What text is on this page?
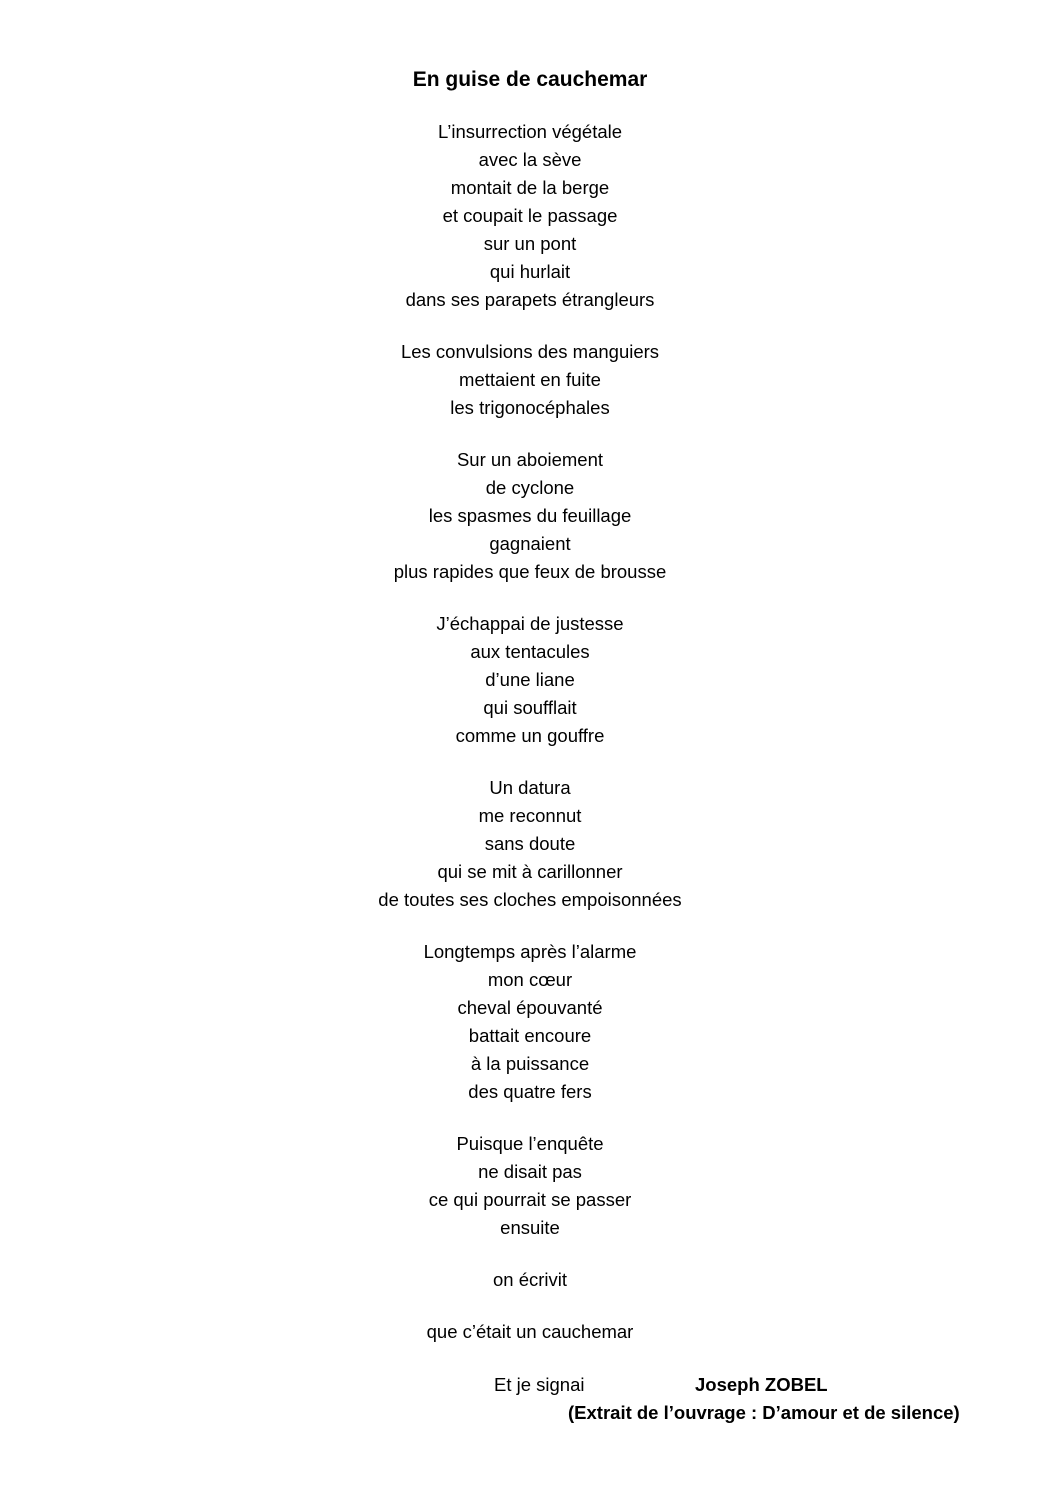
En guise de cauchemar
L’insurrection végétale
avec la sève
montait de la berge
et coupait le passage
sur un pont
qui hurlait
dans ses parapets étrangleurs
Les convulsions des manguiers
mettaient en fuite
les trigonocéphales
Sur un aboiement
de cyclone
les spasmes du feuillage
gagnaient
plus rapides que feux de brousse
J’échappai de justesse
aux tentacules
d’une liane
qui soufflait
comme un gouffre
Un datura
me reconnut
sans doute
qui se mit à carillonner
de toutes ses cloches empoisonnées
Longtemps après l’alarme
mon cœur
cheval épouvanté
battait encoure
à la puissance
des quatre fers
Puisque l’enquête
ne disait pas
ce qui pourrait se passer
ensuite
on écrivit
que c’était un cauchemar
Et je signai	Joseph ZOBEL
(Extrait de l’ouvrage : D’amour et de silence)
